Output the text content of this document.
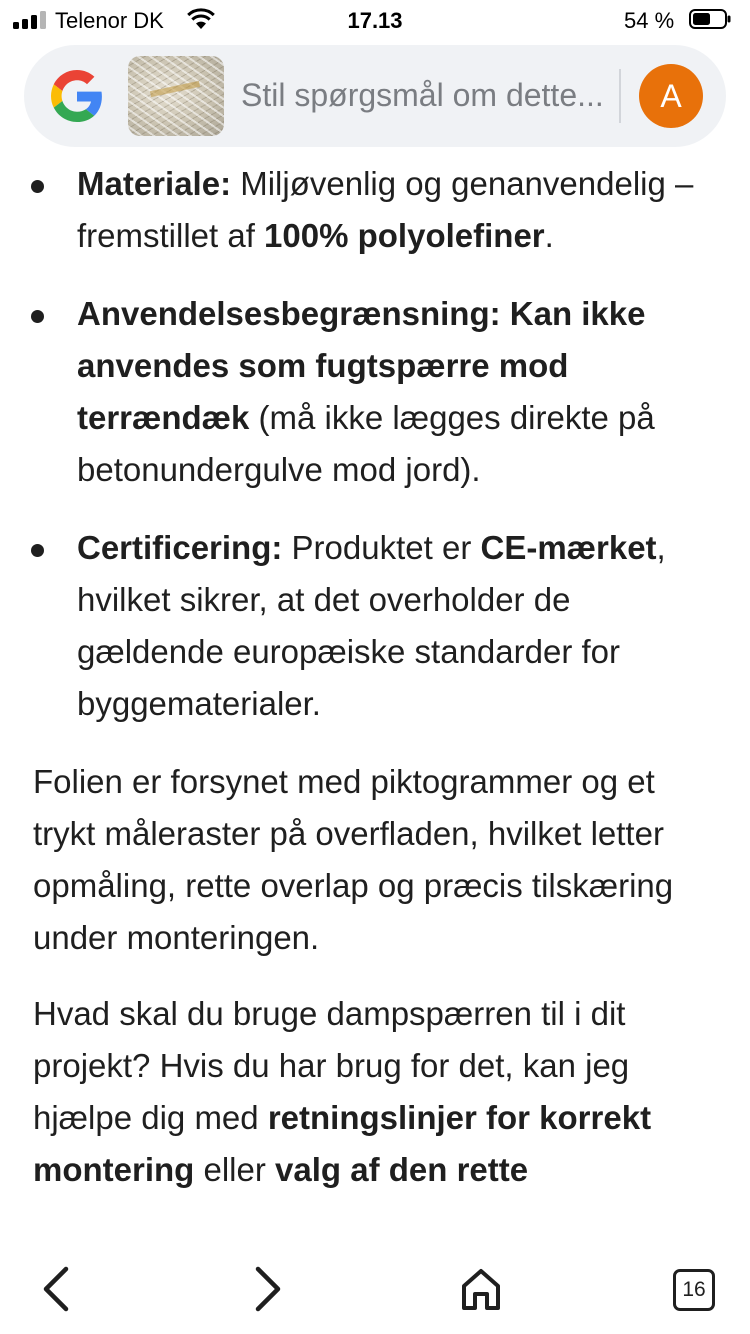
Telenor DK	17.13	54 %
Stil spørgsmål om dette...	A
Materiale: Miljøvenlig og genanvendelig – fremstillet af 100% polyolefiner.
Anvendelsesbegrænsning: Kan ikke anvendes som fugtspærre mod terrændæk (må ikke lægges direkte på betonundergulve mod jord).
Certificering: Produktet er CE-mærket, hvilket sikrer, at det overholder de gældende europæiske standarder for byggematerialer.

Folien er forsynet med piktogrammer og et trykt måleraster på overfladen, hvilket letter opmåling, rette overlap og præcis tilskæring under monteringen.

Hvad skal du bruge dampspærren til i dit projekt? Hvis du har brug for det, kan jeg hjælpe dig med retningslinjer for korrekt montering eller valg af den rette

16
